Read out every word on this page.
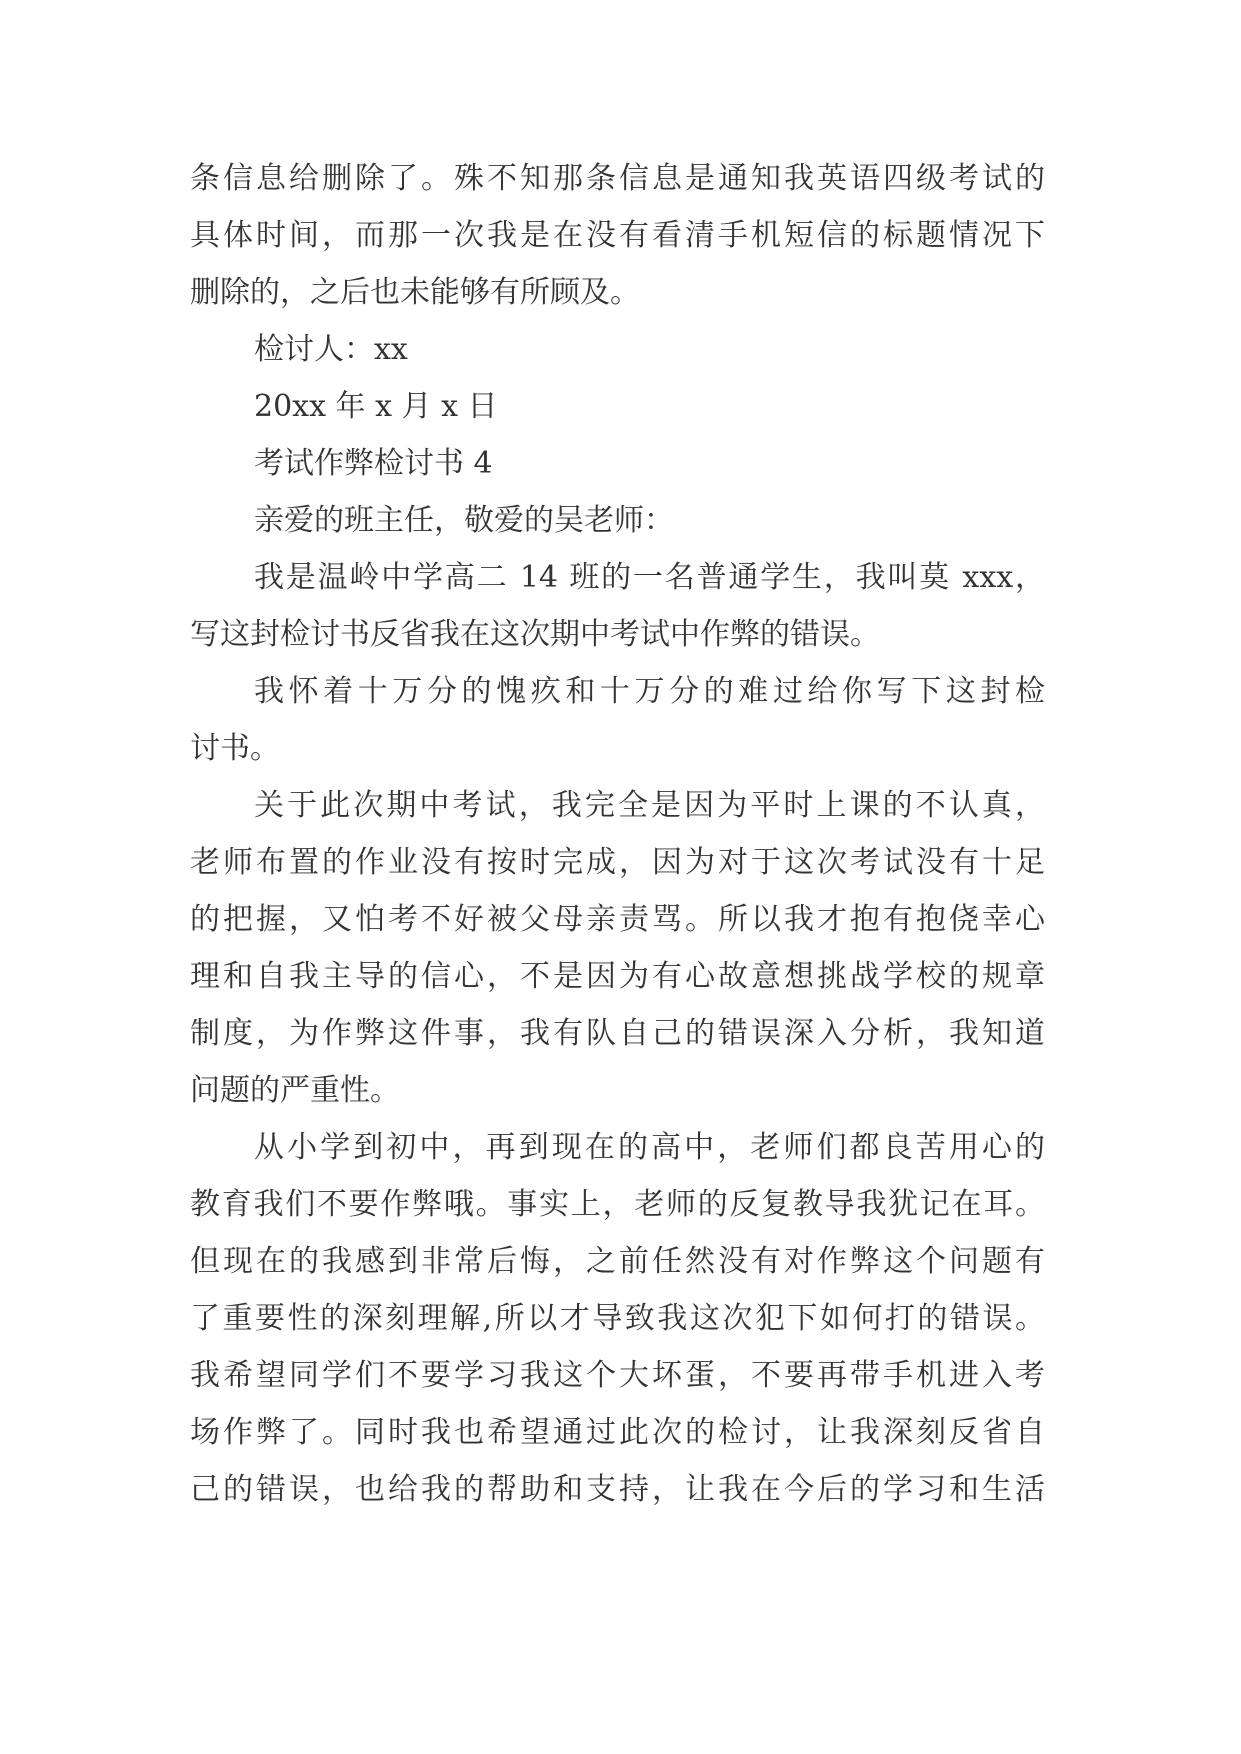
条信息给删除了。殊不知那条信息是通知我英语四级考试的
具体时间，而那一次我是在没有看清手机短信的标题情况下
删除的，之后也未能够有所顾及。
检讨人：xx
20xx 年 x 月 x 日
考试作弊检讨书 4
亲爱的班主任，敬爱的吴老师：
我是温岭中学高二 14 班的一名普通学生，我叫莫 xxx，
写这封检讨书反省我在这次期中考试中作弊的错误。
我怀着十万分的愧疚和十万分的难过给你写下这封检
讨书。
关于此次期中考试，我完全是因为平时上课的不认真，
老师布置的作业没有按时完成，因为对于这次考试没有十足
的把握，又怕考不好被父母亲责骂。所以我才抱有抱侥幸心
理和自我主导的信心，不是因为有心故意想挑战学校的规章
制度，为作弊这件事，我有队自己的错误深入分析，我知道
问题的严重性。
从小学到初中，再到现在的高中，老师们都良苦用心的
教育我们不要作弊哦。事实上，老师的反复教导我犹记在耳。
但现在的我感到非常后悔，之前任然没有对作弊这个问题有
了重要性的深刻理解,所以才导致我这次犯下如何打的错误。
我希望同学们不要学习我这个大坏蛋，不要再带手机进入考
场作弊了。同时我也希望通过此次的检讨，让我深刻反省自
己的错误，也给我的帮助和支持，让我在今后的学习和生活
